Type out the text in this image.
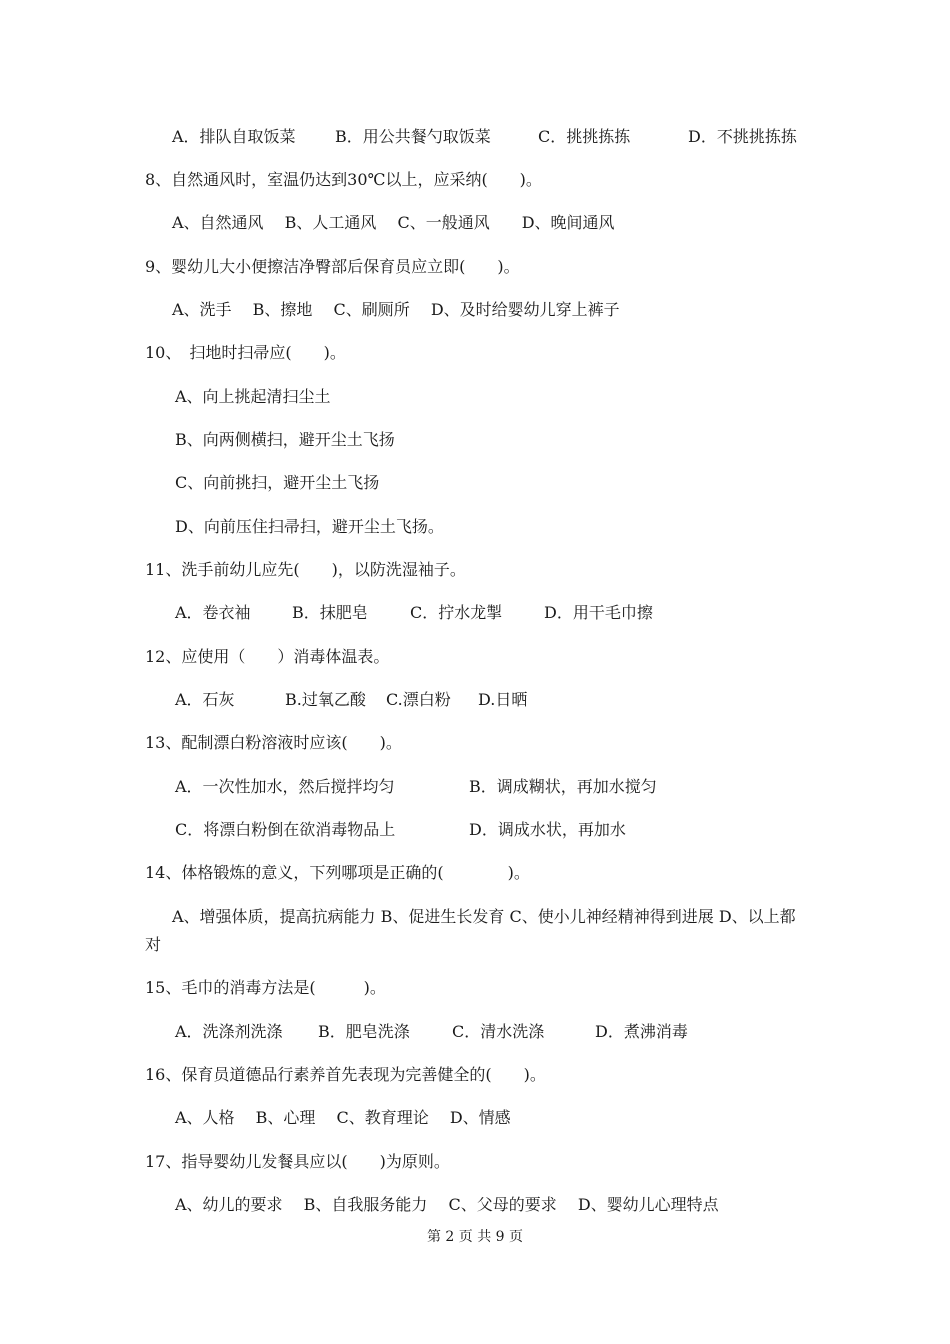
A．排队自取饭菜 B．用公共餐勺取饭菜	C．挑挑拣拣	D．不挑挑拣拣
8、自然通风时，室温仍达到30℃以上，应采纳(　　)。
A、自然通风　 B、人工通风　 C、一般通风　　D、晚间通风
9、婴幼儿大小便擦洁净臀部后保育员应立即(　　)。
A、洗手　 B、擦地　 C、刷厕所　 D、及时给婴幼儿穿上裤子
10、　扫地时扫帚应(　　)。
A、向上挑起清扫尘土
B、向两侧横扫，避开尘土飞扬
C、向前挑扫，避开尘土飞扬
D、向前压住扫帚扫，避开尘土飞扬。
11、洗手前幼儿应先(　　)，以防洗湿袖子。
A．卷衣袖	B．抹肥皂	C．拧水龙掣	D．用干毛巾擦
12、应使用（　　）消毒体温表。
A．石灰	B.过氧乙酸 C.漂白粉 D.日晒
13、配制漂白粉溶液时应该(　　)。
A．一次性加水，然后搅拌均匀	B．调成糊状，再加水搅匀
C．将漂白粉倒在欲消毒物品上	D．调成水状，再加水
14、体格锻炼的意义，下列哪项是正确的(　　　　)。
A、增强体质，提高抗病能力 B、促进生长发育 C、使小儿神经精神得到进展 D、以上都对
15、毛巾的消毒方法是(　　　)。
A．洗涤剂洗涤 B．肥皂洗涤	C．清水洗涤	D．煮沸消毒
16、保育员道德品行素养首先表现为完善健全的(　　)。
A、人格　 B、心理　 C、教育理论　 D、情感
17、指导婴幼儿发餐具应以(　　)为原则。
A、幼儿的要求　 B、自我服务能力　 C、父母的要求　 D、婴幼儿心理特点
第 2 页 共 9 页
